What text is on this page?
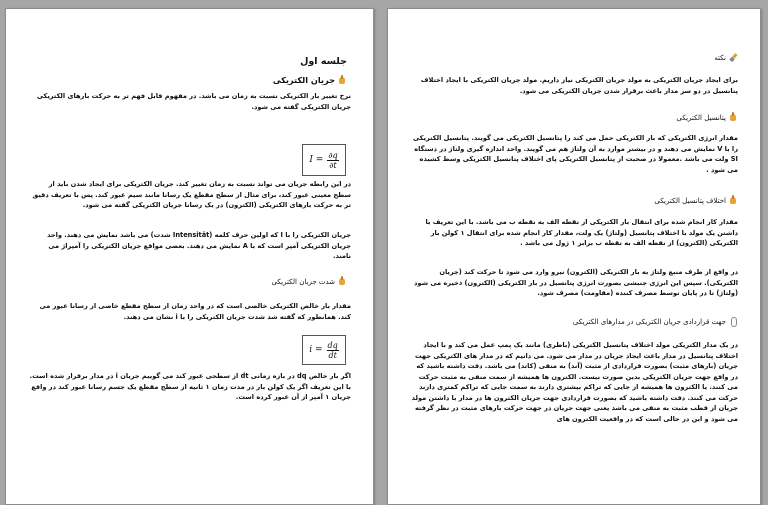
جلسه اول
جریان الکتریکی
نرخ تغییر بار الکتریکی نسبت به زمان می باشد. در مفهوم قابل فهم تر به حرکت بارهای الکتریکی جریان الکتریکی گفته می شود.
$I = \frac{\partial q}{\partial t}$
در این رابطه جریان می تواند نسبت به زمان تغییر کند. جریان الکتریکی برای ایجاد شدن باید از سطح معینی عبور کند، برای مثال از سطح مقطع یک رسانا مانند سیم عبور کند. پس با تعریف دقیق تر به حرکت بارهای الکتریکی (الکترون) در یک رسانا جریان الکتریکی گفته می شود.
جریان الکتریکی را با I که اولین حرف کلمه (Intensität شدت) می باشد نمایش می دهند. واحد جریان الکتریکی آمپر است که با A نمایش می دهند. بعضی مواقع جریان الکتریکی را آمپراژ می نامند.
شدت جریان الکتریکی
مقدار بار خالص الکتریکی خالصی است که در واحد زمان از سطح مقطع خاصی از رسانا عبور می کند. همانطور که گفته شد شدت جریان الکتریکی را با i نشان می دهند.
$i = \frac{dq}{dt}$
اگر بار خالص dq در بازه زمانی dt از سطحی عبور کند می گوییم جریان i در مدار برقرار شده است. با این تعریف اگر یک کولن بار در مدت زمان ۱ ثانیه از سطح مقطع یک جسم رسانا عبور کند در واقع جریان ۱ آمپر از آن عبور کرده است.
نکته
برای ایجاد جریان الکتریکی به مولد جریان الکتریکی نیاز داریم. مولد جریان الکتریکی با ایجاد اختلاف پتانسیل در دو سر مدار باعث برقرار شدن جریان الکتریکی می شود.
پتانسیل الکتریکی
مقدار انرژی الکتریکی که بار الکتریکی حمل می کند را پتانسیل الکتریکی می گویند. پتانسیل الکتریکی را با V نمایش می دهند و در بیشتر موارد به آن ولتاژ هم می گویند. واحد اندازه گیری ولتاژ در دستگاه SI ولت می باشد .معمولا در صحبت از پتانسیل الکتریکی پای اختلاف پتانسیل الکتریکی وسط کشیده می شود .
اختلاف پتانسیل الکتریکی
مقدار کار انجام شده برای انتقال بار الکتریکی از نقطه الف به نقطه ب می باشد. با این تعریف با داشتن یک مولد با اختلاف پتانسیل (ولتاژ) یک ولت، مقدار کار انجام شده برای انتقال ۱ کولن بار الکتریکی (الکترون) از نقطه الف به نقطه ب برابر ۱ ژول می باشد .
در واقع از طرف منبع ولتاژ به بار الکتریکی (الکترون) نیرو وارد می شود تا حرکت کند (جریان الکتریکی). سپس این انرژی جنبشی بصورت انرژی پتانسیل در بار الکتریکی (الکترون) ذخیره می شود (ولتاژ) تا در پایان توسط مصرف کننده (مقاومت) مصرف شود.
جهت قراردادی جریان الکتریکی در مدارهای الکتریکی
در یک مدار الکتریکی مولد اختلاف پتانسیل الکتریکی (باطری) مانند یک پمپ عمل می کند و با ایجاد اختلاف پتانسیل در مدار باعث ایجاد جریان در مدار می شود. می دانیم که در مدار های الکتریکی جهت جریان (بارهای مثبت) بصورت قراردادی از مثبت (آند) به منفی (کاتد) می باشد. دقت داشته باشید که در واقع جهت جریان الکتریکی بدین صورت نیست. الکترون ها همیشه از سمت منفی به مثبت حرکت می کنند. یا الکترون ها همیشه از جایی که تراکم بیشتری دارند به سمت جایی که تراکم کمتری دارند حرکت می کنند. دقت داشته باشید که بصورت قراردادی جهت جریان الکترون ها در مدار با داشتن مولد جریان از قطب مثبت به منفی می باشد یعنی جهت جریان در جهت حرکت بارهای مثبت در نظر گرفته می شود و این در حالی است که در واقعیت الکترون های
